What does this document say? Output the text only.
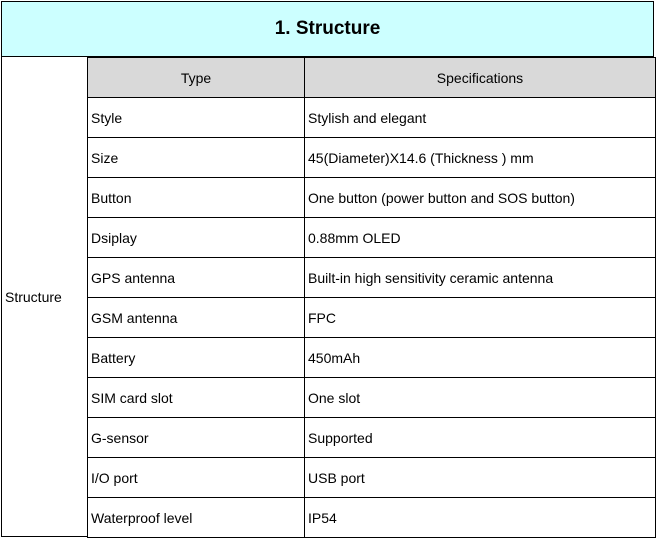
1. Structure
Structure
Type	Specifications
Style	Stylish and elegant
Size	45(Diameter)X14.6 (Thickness ) mm
Button	One button (power button and SOS button)
Dsiplay	0.88mm OLED
GPS antenna	Built-in high sensitivity ceramic antenna
GSM antenna	FPC
Battery	450mAh
SIM card slot	One slot
G-sensor	Supported
I/O port	USB port
Waterproof level	IP54
